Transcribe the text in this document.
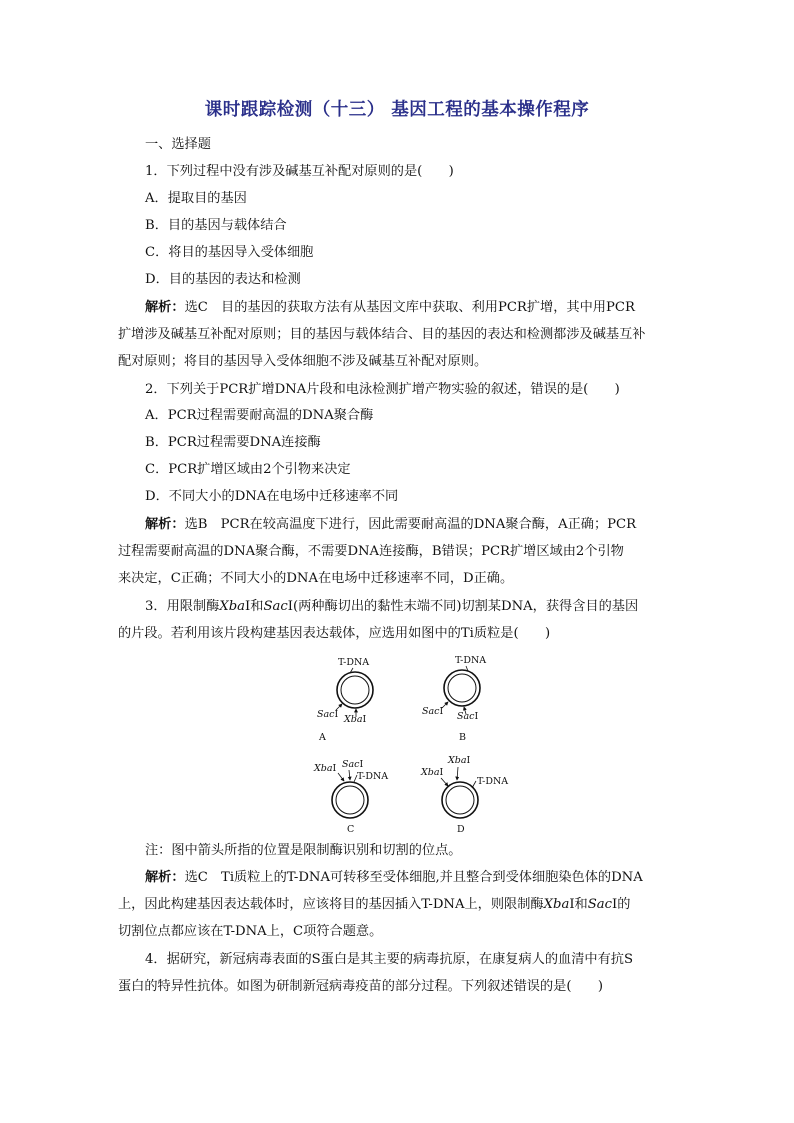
课时跟踪检测（十三） 基因工程的基本操作程序
一、选择题
1．下列过程中没有涉及碱基互补配对原则的是(　　)
A．提取目的基因
B．目的基因与载体结合
C．将目的基因导入受体细胞
D．目的基因的表达和检测
解析：选C　目的基因的获取方法有从基因文库中获取、利用PCR扩增，其中用PCR
扩增涉及碱基互补配对原则；目的基因与载体结合、目的基因的表达和检测都涉及碱基互补
配对原则；将目的基因导入受体细胞不涉及碱基互补配对原则。
2．下列关于PCR扩增DNA片段和电泳检测扩增产物实验的叙述，错误的是(　　)
A．PCR过程需要耐高温的DNA聚合酶
B．PCR过程需要DNA连接酶
C．PCR扩增区域由2个引物来决定
D．不同大小的DNA在电场中迁移速率不同
解析：选B　PCR在较高温度下进行，因此需要耐高温的DNA聚合酶，A正确；PCR
过程需要耐高温的DNA聚合酶，不需要DNA连接酶，B错误；PCR扩增区域由2个引物
来决定，C正确；不同大小的DNA在电场中迁移速率不同，D正确。
3．用限制酶XbaⅠ和SacⅠ(两种酶切出的黏性末端不同)切割某DNA，获得含目的基因
的片段。若利用该片段构建基因表达载体，应选用如图中的Ti质粒是(　　)
T-DNA
SacⅠ XbaⅠ
A
T-DNA
SacⅠ SacⅠ
B
XbaⅠ SacⅠ
T-DNA
C
XbaⅠ
XbaⅠ
T-DNA
D
注：图中箭头所指的位置是限制酶识别和切割的位点。
解析：选C　Ti质粒上的T-DNA可转移至受体细胞,并且整合到受体细胞染色体的DNA
上，因此构建基因表达载体时，应该将目的基因插入T-DNA上，则限制酶XbaⅠ和SacⅠ的
切割位点都应该在T-DNA上，C项符合题意。
4．据研究，新冠病毒表面的S蛋白是其主要的病毒抗原，在康复病人的血清中有抗S
蛋白的特异性抗体。如图为研制新冠病毒疫苗的部分过程。下列叙述错误的是(　　)
